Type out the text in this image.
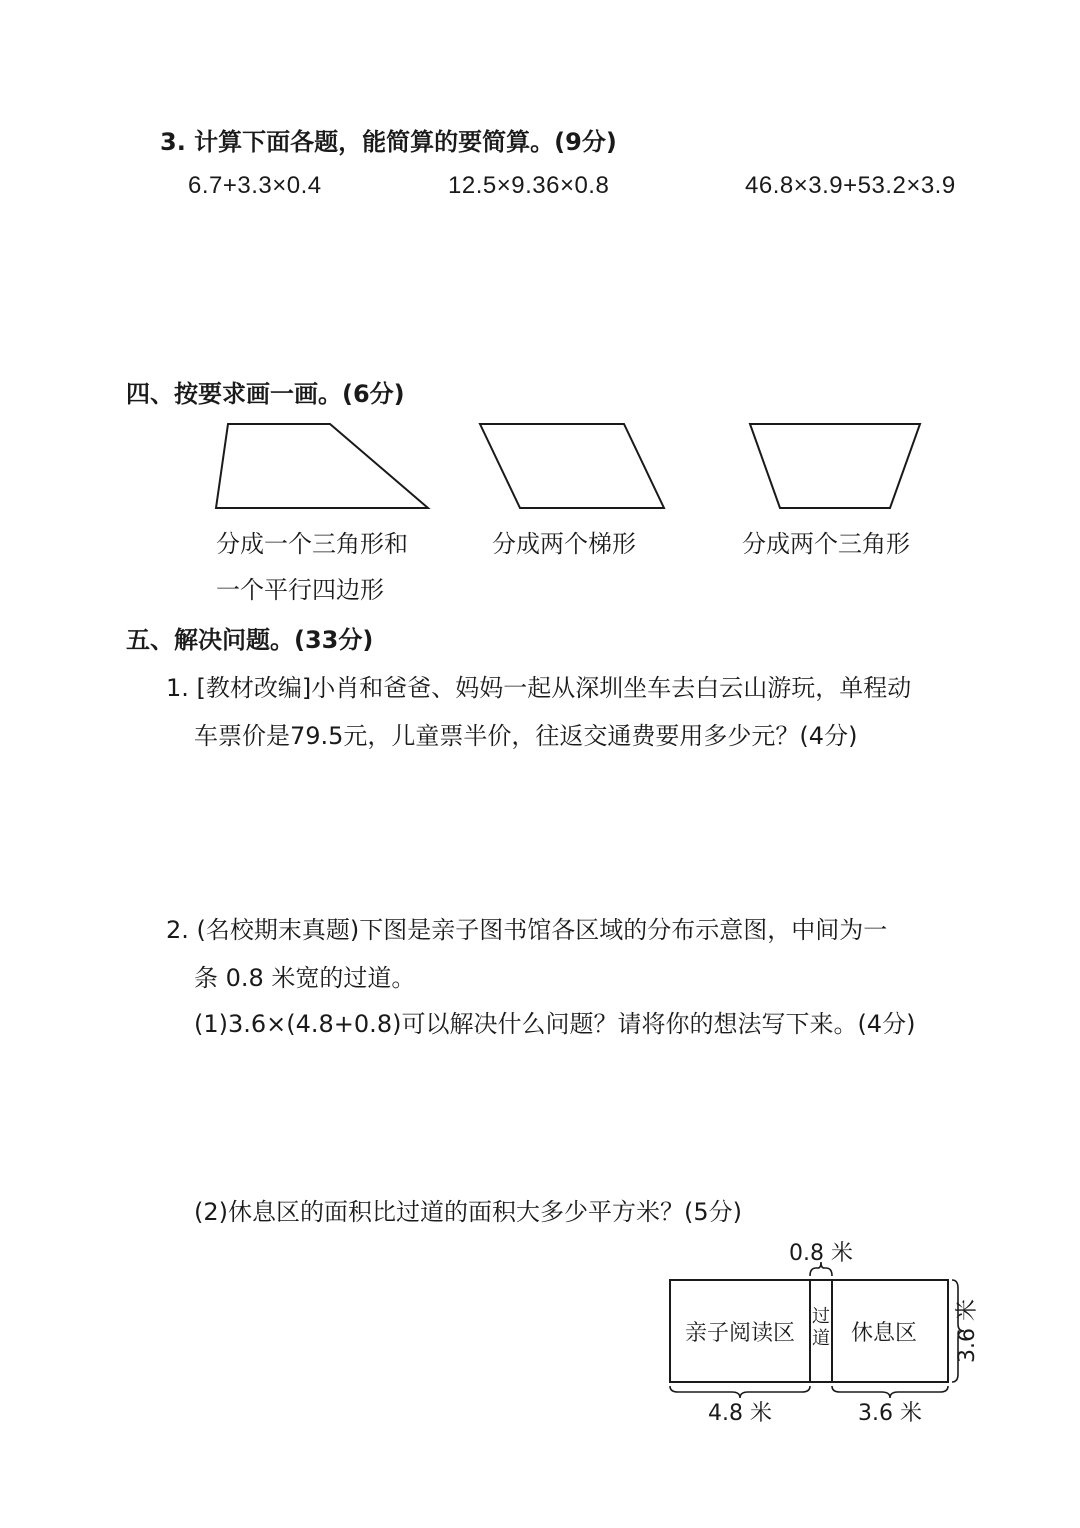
3. 计算下面各题，能简算的要简算。(9分)
6.7+3.3×0.4	12.5×9.36×0.8	46.8×3.9+53.2×3.9
四、按要求画一画。(6分)
分成一个三角形和
一个平行四边形
分成两个梯形	分成两个三角形
五、解决问题。(33分)
1. [教材改编]小肖和爸爸、妈妈一起从深圳坐车去白云山游玩，单程动
车票价是79.5元，儿童票半价，往返交通费要用多少元？(4分)
2. (名校期末真题)下图是亲子图书馆各区域的分布示意图，中间为一
条 0.8 米宽的过道。
(1)3.6×(4.8+0.8)可以解决什么问题？请将你的想法写下来。(4分)
(2)休息区的面积比过道的面积大多少平方米？(5分)
0.8 米
亲子阅读区
过
道 休息区 3.6 米
4.8 米	3.6 米
